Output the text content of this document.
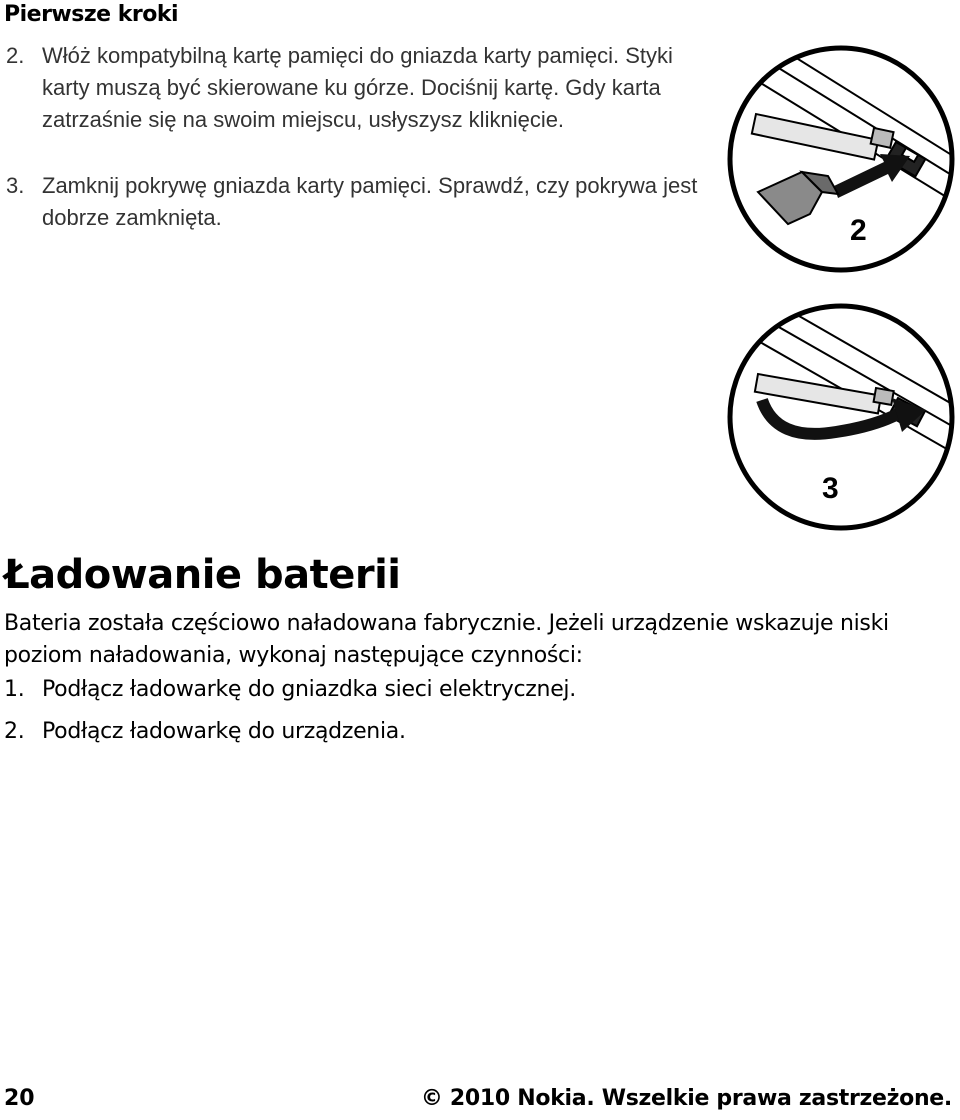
Pierwsze kroki
2. Włóż kompatybilną kartę pamięci do gniazda karty pamięci. Styki karty muszą być skierowane ku górze. Dociśnij kartę. Gdy karta zatrzaśnie się na swoim miejscu, usłyszysz kliknięcie.
3. Zamknij pokrywę gniazda karty pamięci. Sprawdź, czy pokrywa jest dobrze zamknięta.	2
3
Ładowanie baterii
Bateria została częściowo naładowana fabrycznie. Jeżeli urządzenie wskazuje niski poziom naładowania, wykonaj następujące czynności:
1. Podłącz ładowarkę do gniazdka sieci elektrycznej.
2. Podłącz ładowarkę do urządzenia.
20	© 2010 Nokia. Wszelkie prawa zastrzeżone.
